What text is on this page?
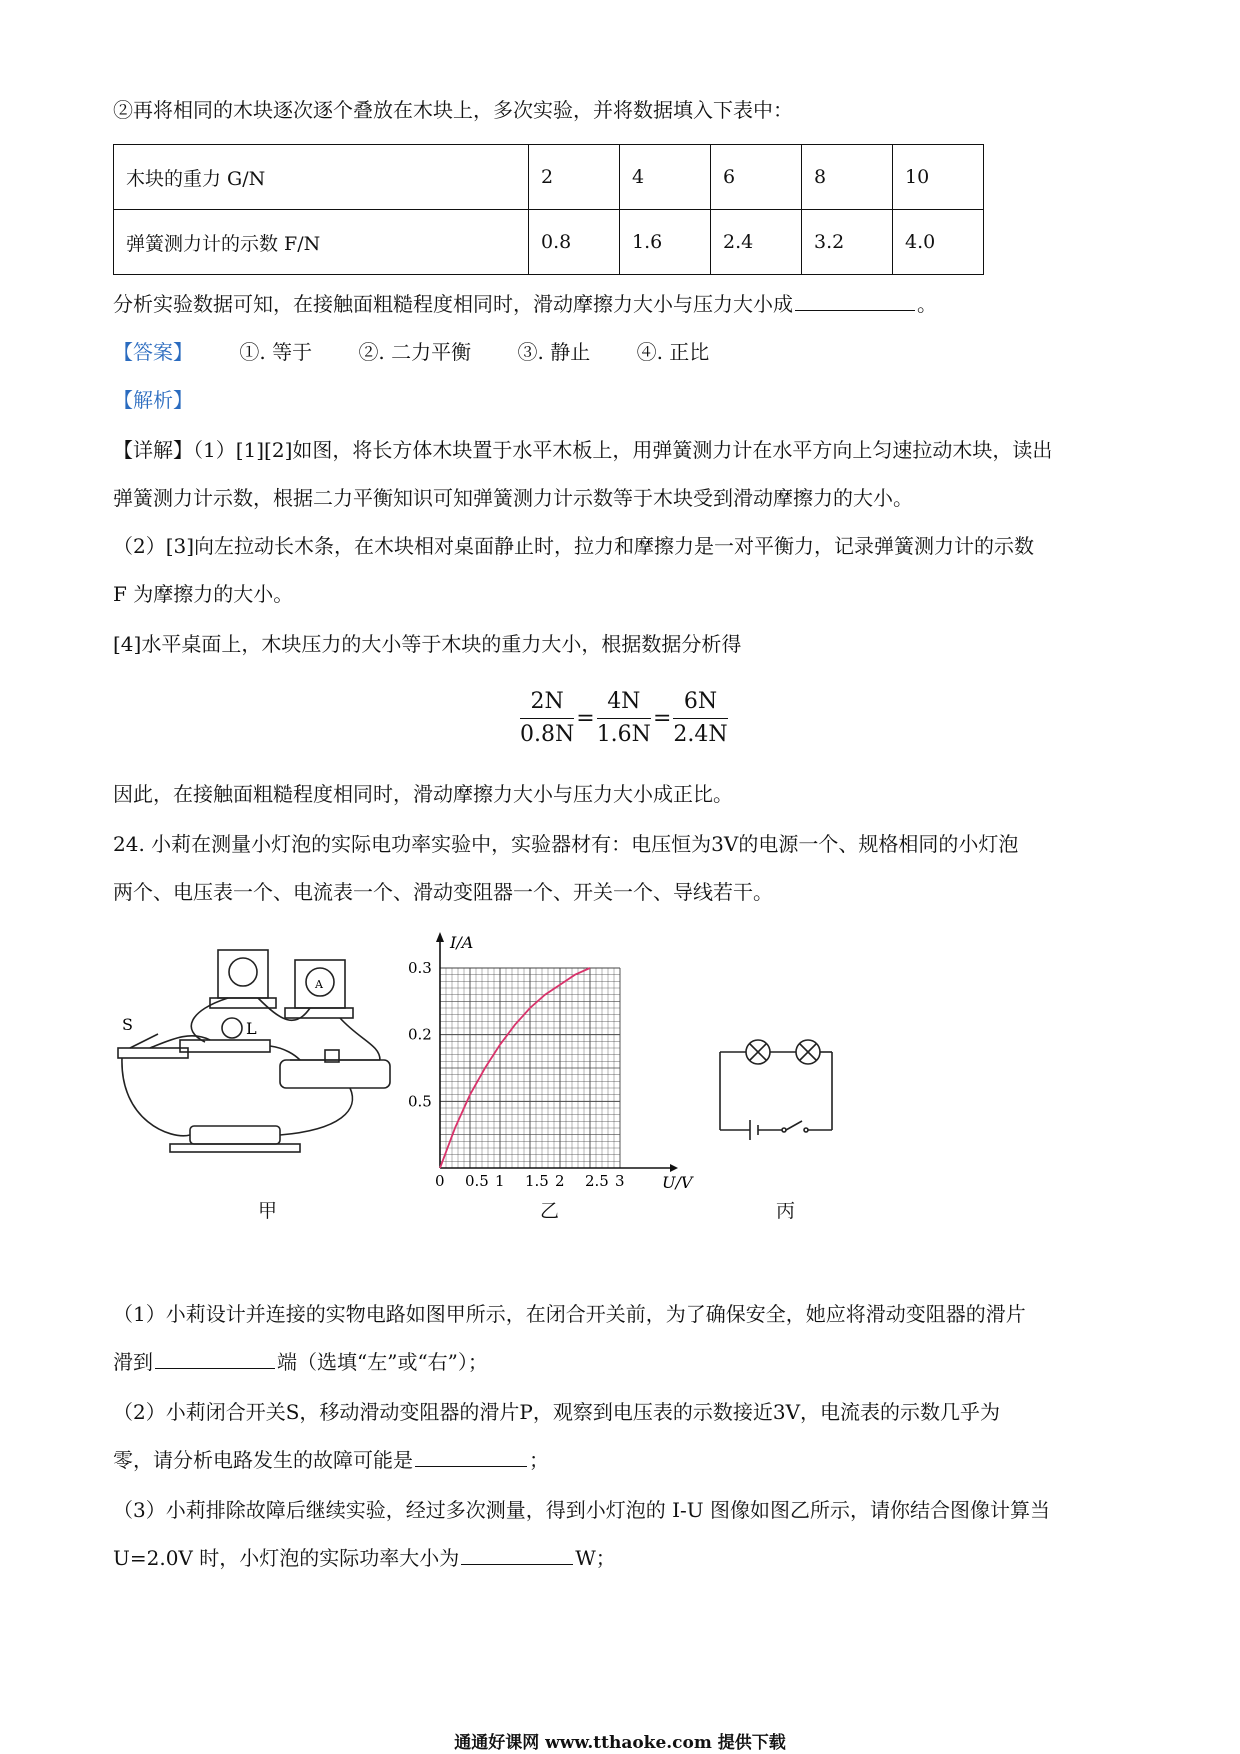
②再将相同的木块逐次逐个叠放在木块上，多次实验，并将数据填入下表中：
木块的重力 G/N	2	4	6	8	10
弹簧测力计的示数 F/N	0.8	1.6	2.4	3.2	4.0
分析实验数据可知，在接触面粗糙程度相同时，滑动摩擦力大小与压力大小成	。
【答案】 ①. 等于 ②. 二力平衡 ③. 静止 ④. 正比
【解析】
【详解】（1）[1][2]如图，将长方体木块置于水平木板上，用弹簧测力计在水平方向上匀速拉动木块，读出
弹簧测力计示数，根据二力平衡知识可知弹簧测力计示数等于木块受到滑动摩擦力的大小。
（2）[3]向左拉动长木条，在木块相对桌面静止时，拉力和摩擦力是一对平衡力，记录弹簧测力计的示数
F 为摩擦力的大小。
[4]水平桌面上，木块压力的大小等于木块的重力大小，根据数据分析得
$\frac{2N}{0.8N} = \frac{4N}{1.6N} = \frac{6N}{2.4N}$
因此，在接触面粗糙程度相同时，滑动摩擦力大小与压力大小成正比。
24. 小莉在测量小灯泡的实际电功率实验中，实验器材有：电压恒为3V的电源一个、规格相同的小灯泡
两个、电压表一个、电流表一个、滑动变阻器一个、开关一个、导线若干。
S	L
A
0 0.5 1 1.5 2 2.5 3
0.3
0.2
0.5
I/A
U/V
甲	乙	丙
（1）小莉设计并连接的实物电路如图甲所示，在闭合开关前，为了确保安全，她应将滑动变阻器的滑片
滑到	端（选填“左”或“右”）；
（2）小莉闭合开关S，移动滑动变阻器的滑片P，观察到电压表的示数接近3V，电流表的示数几乎为
零，请分析电路发生的故障可能是	；
（3）小莉排除故障后继续实验，经过多次测量，得到小灯泡的 I-U 图像如图乙所示，请你结合图像计算当
U=2.0V 时，小灯泡的实际功率大小为	W；
通通好课网 www.tthaoke.com 提供下载
